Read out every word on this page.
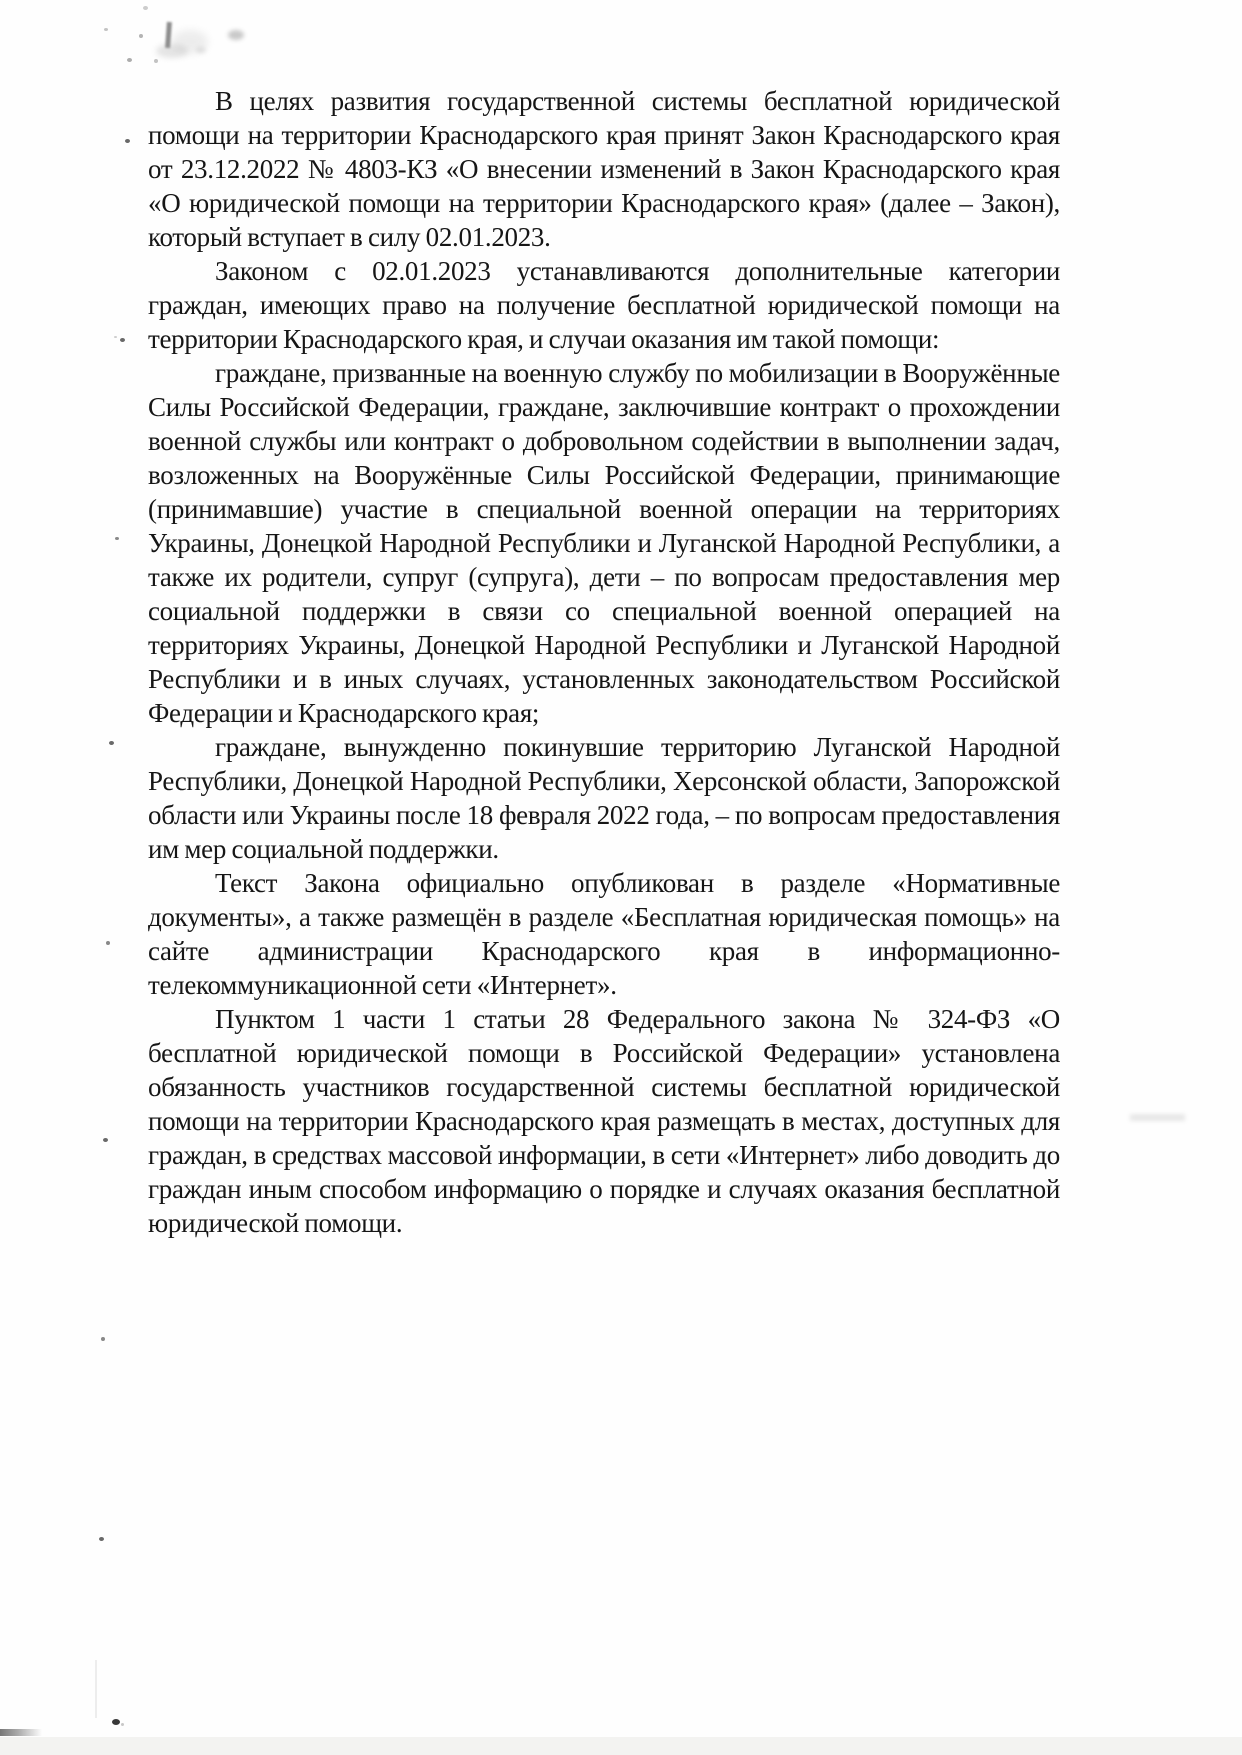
В целях развития государственной системы бесплатной юридической помощи на территории Краснодарского края принят Закон Краснодарского края от 23.12.2022 № 4803-КЗ «О внесении изменений в Закон Краснодарского края «О юридической помощи на территории Краснодарского края» (далее – Закон), который вступает в силу 02.01.2023.

Законом с 02.01.2023 устанавливаются дополнительные категории граждан, имеющих право на получение бесплатной юридической помощи на территории Краснодарского края, и случаи оказания им такой помощи:

граждане, призванные на военную службу по мобилизации в Вооружённые Силы Российской Федерации, граждане, заключившие контракт о прохождении военной службы или контракт о добровольном содействии в выполнении задач, возложенных на Вооружённые Силы Российской Федерации, принимающие (принимавшие) участие в специальной военной операции на территориях Украины, Донецкой Народной Республики и Луганской Народной Республики, а также их родители, супруг (супруга), дети – по вопросам предоставления мер социальной поддержки в связи со специальной военной операцией на территориях Украины, Донецкой Народной Республики и Луганской Народной Республики и в иных случаях, установленных законодательством Российской Федерации и Краснодарского края;

граждане, вынужденно покинувшие территорию Луганской Народной Республики, Донецкой Народной Республики, Херсонской области, Запорожской области или Украины после 18 февраля 2022 года, – по вопросам предоставления им мер социальной поддержки.

Текст Закона официально опубликован в разделе «Нормативные документы», а также размещён в разделе «Бесплатная юридическая помощь» на сайте администрации Краснодарского края в информационно-телекоммуникационной сети «Интернет».

Пунктом 1 части 1 статьи 28 Федерального закона № 324-ФЗ «О бесплатной юридической помощи в Российской Федерации» установлена обязанность участников государственной системы бесплатной юридической помощи на территории Краснодарского края размещать в местах, доступных для граждан, в средствах массовой информации, в сети «Интернет» либо доводить до граждан иным способом информацию о порядке и случаях оказания бесплатной юридической помощи.
